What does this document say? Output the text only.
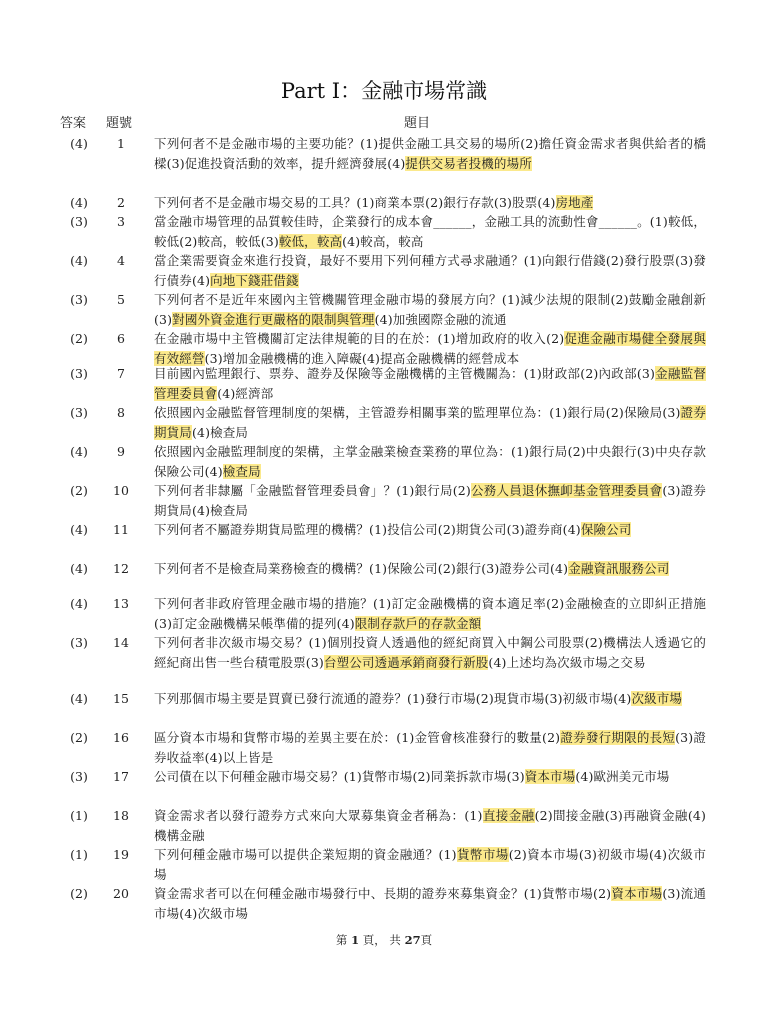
Part I：金融市場常識
答案 題號	題目
(4)	1	下列何者不是金融市場的主要功能？(1)提供金融工具交易的場所(2)擔任資金需求者與供給者的橋樑(3)促進投資活動的效率，提升經濟發展(4)提供交易者投機的場所
(4)	2	下列何者不是金融市場交易的工具？(1)商業本票(2)銀行存款(3)股票(4)房地產
(3)	3	當金融市場管理的品質較佳時，企業發行的成本會______，金融工具的流動性會______。(1)較低，較低(2)較高，較低(3)較低，較高(4)較高，較高
(4)	4	當企業需要資金來進行投資，最好不要用下列何種方式尋求融通？(1)向銀行借錢(2)發行股票(3)發行債券(4)向地下錢莊借錢
(3)	5	下列何者不是近年來國內主管機關管理金融市場的發展方向？(1)減少法規的限制(2)鼓勵金融創新(3)對國外資金進行更嚴格的限制與管理(4)加強國際金融的流通
(2)	6	在金融市場中主管機關訂定法律規範的目的在於：(1)增加政府的收入(2)促進金融市場健全發展與有效經營(3)增加金融機構的進入障礙(4)提高金融機構的經營成本
(3)	7	目前國內監理銀行、票券、證券及保險等金融機構的主管機關為：(1)財政部(2)內政部(3)金融監督管理委員會(4)經濟部
(3)	8	依照國內金融監督管理制度的架構，主管證券相關事業的監理單位為：(1)銀行局(2)保險局(3)證券期貨局(4)檢查局
(4)	9	依照國內金融監理制度的架構，主掌金融業檢查業務的單位為：(1)銀行局(2)中央銀行(3)中央存款保險公司(4)檢查局
(2)	10	下列何者非隸屬「金融監督管理委員會」？(1)銀行局(2)公務人員退休撫卹基金管理委員會(3)證券期貨局(4)檢查局
(4)	11	下列何者不屬證券期貨局監理的機構？(1)投信公司(2)期貨公司(3)證券商(4)保險公司
(4)	12	下列何者不是檢查局業務檢查的機構？(1)保險公司(2)銀行(3)證券公司(4)金融資訊服務公司
(4)	13	下列何者非政府管理金融市場的措施？(1)訂定金融機構的資本適足率(2)金融檢查的立即糾正措施(3)訂定金融機構呆帳準備的提列(4)限制存款戶的存款金額
(3)	14	下列何者非次級市場交易？(1)個別投資人透過他的經紀商買入中鋼公司股票(2)機構法人透過它的經紀商出售一些台積電股票(3)台塑公司透過承銷商發行新股(4)上述均為次級市場之交易
(4)	15	下列那個市場主要是買賣已發行流通的證券？(1)發行市場(2)現貨市場(3)初級市場(4)次級市場
(2)	16	區分資本市場和貨幣市場的差異主要在於：(1)金管會核准發行的數量(2)證券發行期限的長短(3)證券收益率(4)以上皆是
(3)	17	公司債在以下何種金融市場交易？(1)貨幣市場(2)同業拆款市場(3)資本市場(4)歐洲美元市場
(1)	18	資金需求者以發行證券方式來向大眾募集資金者稱為：(1)直接金融(2)間接金融(3)再融資金融(4)機構金融
(1)	19	下列何種金融市場可以提供企業短期的資金融通？(1)貨幣市場(2)資本市場(3)初級市場(4)次級市場
(2)	20	資金需求者可以在何種金融市場發行中、長期的證券來募集資金？(1)貨幣市場(2)資本市場(3)流通市場(4)次級市場
第 1 頁， 共 27頁
